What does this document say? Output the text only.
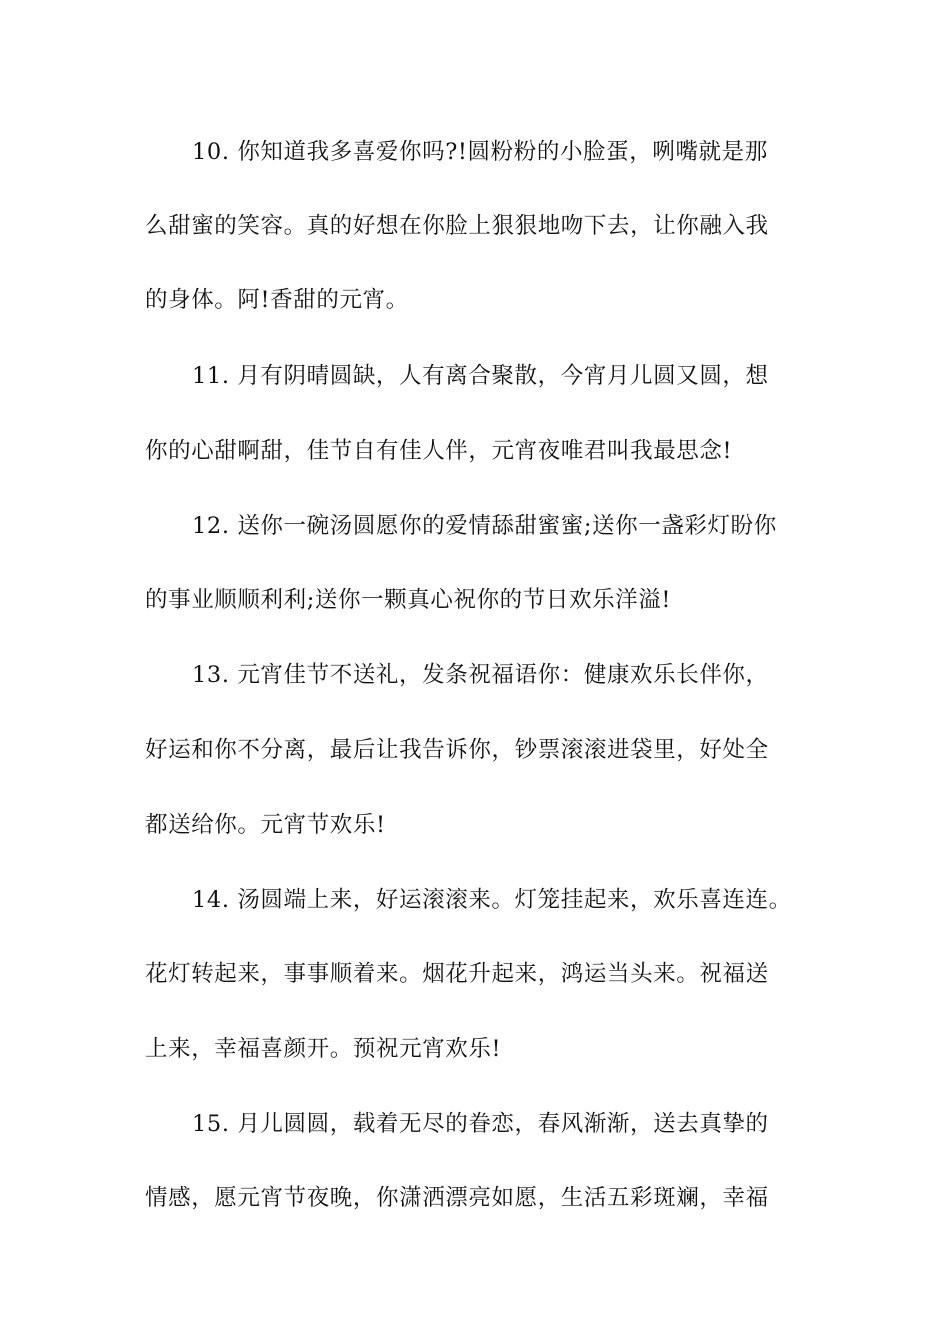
10. 你知道我多喜爱你吗?!圆粉粉的小脸蛋，咧嘴就是那
么甜蜜的笑容。真的好想在你脸上狠狠地吻下去，让你融入我
的身体。阿!香甜的元宵。
11. 月有阴晴圆缺，人有离合聚散，今宵月儿圆又圆，想
你的心甜啊甜，佳节自有佳人伴，元宵夜唯君叫我最思念!
12. 送你一碗汤圆愿你的爱情舔甜蜜蜜;送你一盏彩灯盼你
的事业顺顺利利;送你一颗真心祝你的节日欢乐洋溢!
13. 元宵佳节不送礼，发条祝福语你：健康欢乐长伴你，
好运和你不分离，最后让我告诉你，钞票滚滚进袋里，好处全
都送给你。元宵节欢乐!
14. 汤圆端上来，好运滚滚来。灯笼挂起来，欢乐喜连连。
花灯转起来，事事顺着来。烟花升起来，鸿运当头来。祝福送
上来，幸福喜颜开。预祝元宵欢乐!
15. 月儿圆圆，载着无尽的眷恋，春风渐渐，送去真挚的
情感，愿元宵节夜晚，你潇洒漂亮如愿，生活五彩斑斓，幸福
